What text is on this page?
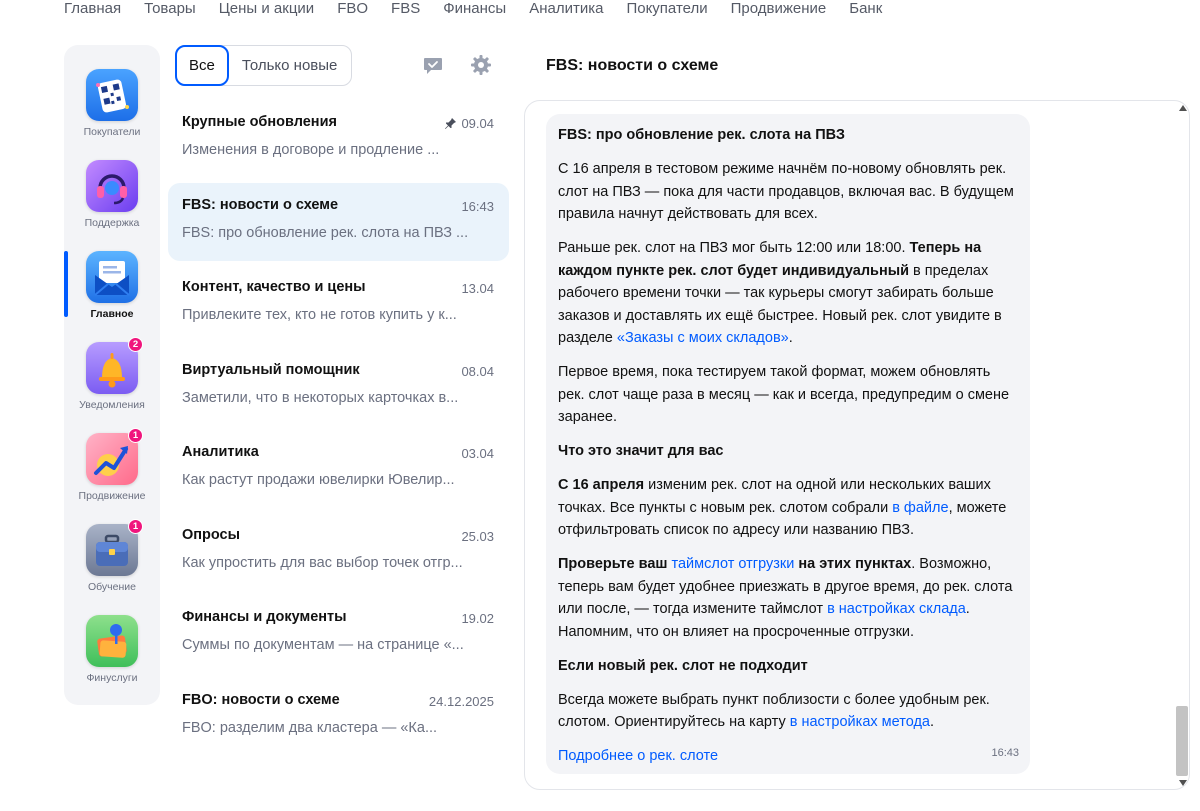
Главная Товары Цены и акции FBO FBS Финансы Аналитика Покупатели Продвижение Банк
Покупатели
Поддержка
Главное
2
Уведомления
1
Продвижение
1
Обучение
Финуслуги
Все	Только новые
Крупные обновления	09.04
Изменения в договоре и продление ...
FBS: новости о схеме	16:43
FBS: про обновление рек. слота на ПВЗ ...
Контент, качество и цены	13.04
Привлеките тех, кто не готов купить у к...
Виртуальный помощник	08.04
Заметили, что в некоторых карточках в...
Аналитика	03.04
Как растут продажи ювелирки Ювелир...
Опросы	25.03
Как упростить для вас выбор точек отгр...
Финансы и документы	19.02
Суммы по документам — на странице «...
FBO: новости о схеме	24.12.2025
FBO: разделим два кластера — «Ка...
FBS: новости о схеме

FBS: про обновление рек. слота на ПВЗ

С 16 апреля в тестовом режиме начнём по-новому обновлять рек. слот на ПВЗ — пока для части продавцов, включая вас. В будущем правила начнут действовать для всех.

Раньше рек. слот на ПВЗ мог быть 12:00 или 18:00. Теперь на каждом пункте рек. слот будет индивидуальный в пределах рабочего времени точки — так курьеры смогут забирать больше заказов и доставлять их ещё быстрее. Новый рек. слот увидите в разделе «Заказы с моих складов».

Первое время, пока тестируем такой формат, можем обновлять рек. слот чаще раза в месяц — как и всегда, предупредим о смене заранее.

Что это значит для вас

С 16 апреля изменим рек. слот на одной или нескольких ваших точках. Все пункты с новым рек. слотом собрали в файле, можете отфильтровать список по адресу или названию ПВЗ.

Проверьте ваш таймслот отгрузки на этих пунктах. Возможно, теперь вам будет удобнее приезжать в другое время, до рек. слота или после, — тогда измените таймслот в настройках склада. Напомним, что он влияет на просроченные отгрузки.

Если новый рек. слот не подходит

Всегда можете выбрать пункт поблизости с более удобным рек. слотом. Ориентируйтесь на карту в настройках метода.

Подробнее о рек. слоте	16:43
